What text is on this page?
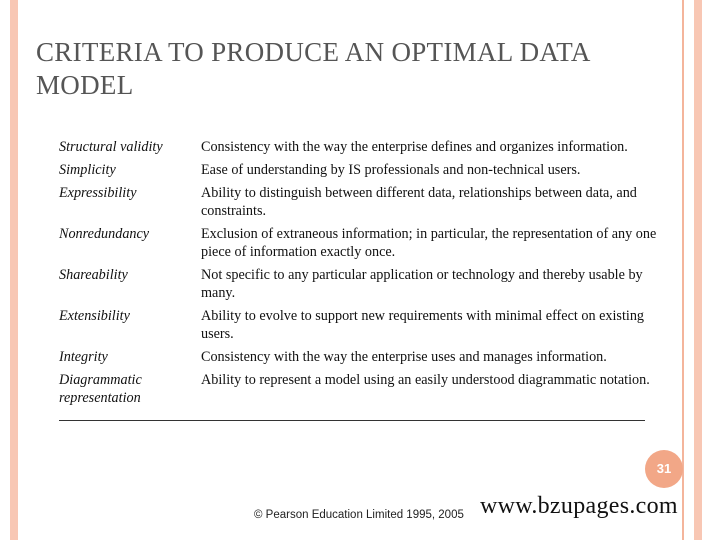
CRITERIA TO PRODUCE AN OPTIMAL DATA MODEL
Structural validity	Consistency with the way the enterprise defines and organizes information.
Simplicity	Ease of understanding by IS professionals and non-technical users.
Expressibility	Ability to distinguish between different data, relationships between data, and constraints.
Nonredundancy	Exclusion of extraneous information; in particular, the representation of any one piece of information exactly once.
Shareability	Not specific to any particular application or technology and thereby usable by many.
Extensibility	Ability to evolve to support new requirements with minimal effect on existing users.
Integrity	Consistency with the way the enterprise uses and manages information.
Diagrammatic representation	Ability to represent a model using an easily understood diagrammatic notation.
31
© Pearson Education Limited 1995, 2005 www.bzupages.com
